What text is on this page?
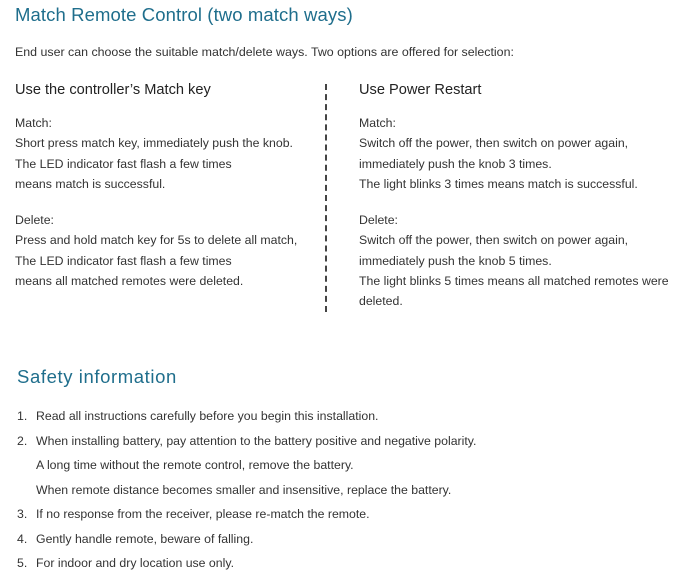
Match Remote Control (two match ways)
End user can choose the suitable match/delete ways. Two options are offered for selection:
Use the controller’s Match key
Match:
Short press match key, immediately push the knob.
The LED indicator fast flash a few times
means match is successful.
Delete:
Press and hold match key for 5s to delete all match,
The LED indicator fast flash a few times
means all matched remotes were deleted.
Use Power Restart
Match:
Switch off the power, then switch on power again,
immediately push the knob 3 times.
The light blinks 3 times means match is successful.
Delete:
Switch off the power, then switch on power again,
immediately push the knob 5 times.
The light blinks 5 times means all matched remotes were
deleted.
Safety information
1. Read all instructions carefully before you begin this installation.
2. When installing battery, pay attention to the battery positive and negative polarity.
A long time without the remote control, remove the battery.
When remote distance becomes smaller and insensitive, replace the battery.
3. If no response from the receiver, please re-match the remote.
4. Gently handle remote, beware of falling.
5. For indoor and dry location use only.
